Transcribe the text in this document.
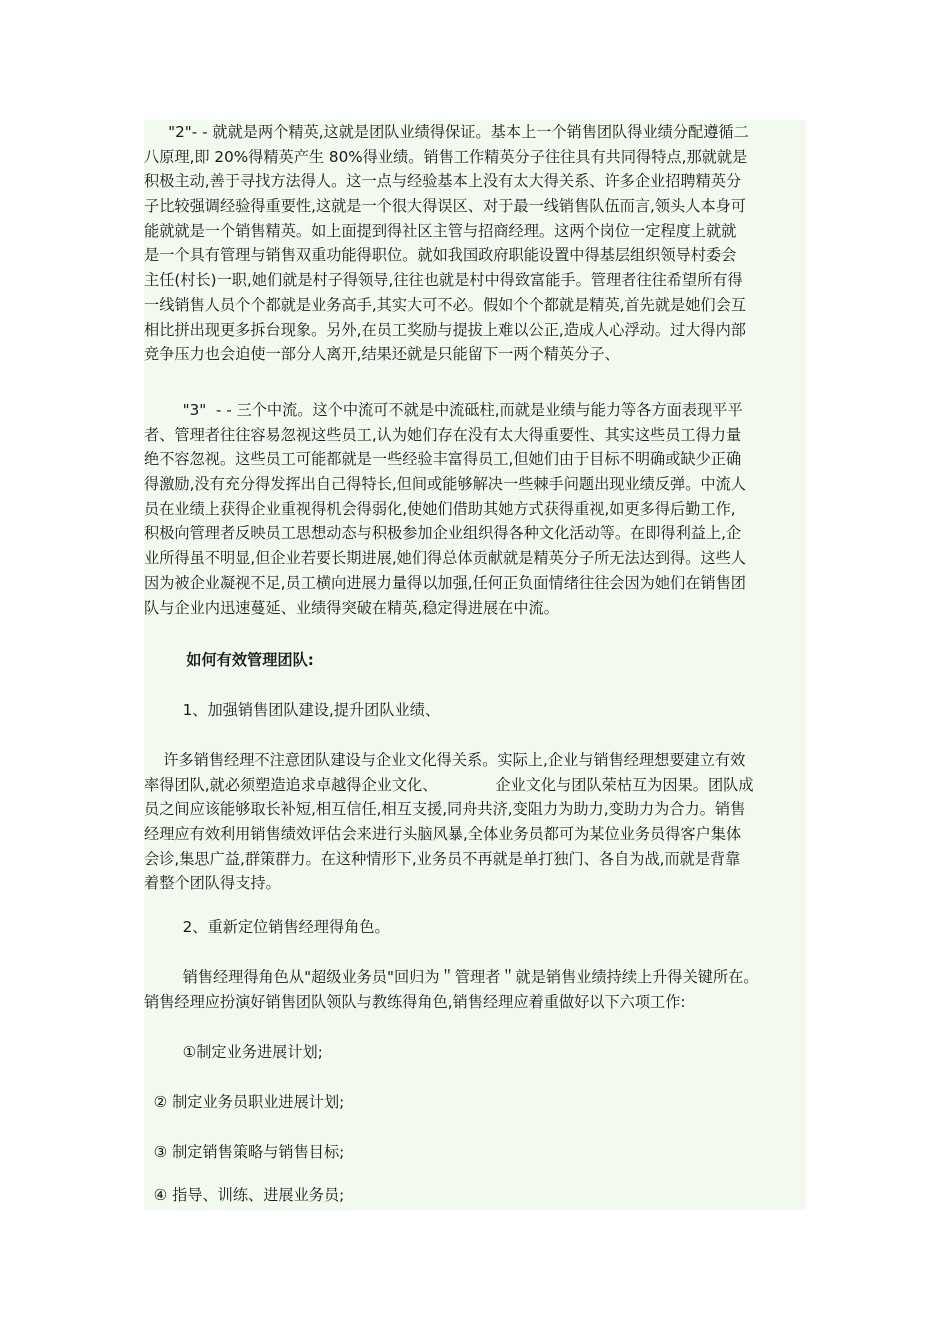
"2"- - 就就是两个精英,这就是团队业绩得保证。基本上一个销售团队得业绩分配遵循二
八原理,即 20%得精英产生 80%得业绩。销售工作精英分子往往具有共同得特点,那就就是
积极主动,善于寻找方法得人。这一点与经验基本上没有太大得关系、许多企业招聘精英分
子比较强调经验得重要性,这就是一个很大得误区、对于最一线销售队伍而言,领头人本身可
能就就是一个销售精英。如上面提到得社区主管与招商经理。这两个岗位一定程度上就就
是一个具有管理与销售双重功能得职位。就如我国政府职能设置中得基层组织领导村委会
主任(村长)一职,她们就是村子得领导,往往也就是村中得致富能手。管理者往往希望所有得
一线销售人员个个都就是业务高手,其实大可不必。假如个个都就是精英,首先就是她们会互
相比拼出现更多拆台现象。另外,在员工奖励与提拔上难以公正,造成人心浮动。过大得内部
竞争压力也会迫使一部分人离开,结果还就是只能留下一两个精英分子、

"3"  - - 三个中流。这个中流可不就是中流砥柱,而就是业绩与能力等各方面表现平平
者、管理者往往容易忽视这些员工,认为她们存在没有太大得重要性、其实这些员工得力量
绝不容忽视。这些员工可能都就是一些经验丰富得员工,但她们由于目标不明确或缺少正确
得激励,没有充分得发挥出自己得特长,但间或能够解决一些棘手问题出现业绩反弹。中流人
员在业绩上获得企业重视得机会得弱化,使她们借助其她方式获得重视,如更多得后勤工作,
积极向管理者反映员工思想动态与积极参加企业组织得各种文化活动等。在即得利益上,企
业所得虽不明显,但企业若要长期进展,她们得总体贡献就是精英分子所无法达到得。这些人
因为被企业凝视不足,员工横向进展力量得以加强,任何正负面情绪往往会因为她们在销售团
队与企业内迅速蔓延、业绩得突破在精英,稳定得进展在中流。

如何有效管理团队:

1、加强销售团队建设,提升团队业绩、

许多销售经理不注意团队建设与企业文化得关系。实际上,企业与销售经理想要建立有效
率得团队,就必须塑造追求卓越得企业文化、            企业文化与团队荣枯互为因果。团队成
员之间应该能够取长补短,相互信任,相互支援,同舟共济,变阻力为助力,变助力为合力。销售
经理应有效利用销售绩效评估会来进行头脑风暴,全体业务员都可为某位业务员得客户集体
会诊,集思广益,群策群力。在这种情形下,业务员不再就是单打独门、各自为战,而就是背靠
着整个团队得支持。

2、重新定位销售经理得角色。

销售经理得角色从"超级业务员"回归为＂管理者＂就是销售业绩持续上升得关键所在。
销售经理应扮演好销售团队领队与教练得角色,销售经理应着重做好以下六项工作:

①制定业务进展计划;

② 制定业务员职业进展计划;

③ 制定销售策略与销售目标;

④ 指导、训练、进展业务员;
